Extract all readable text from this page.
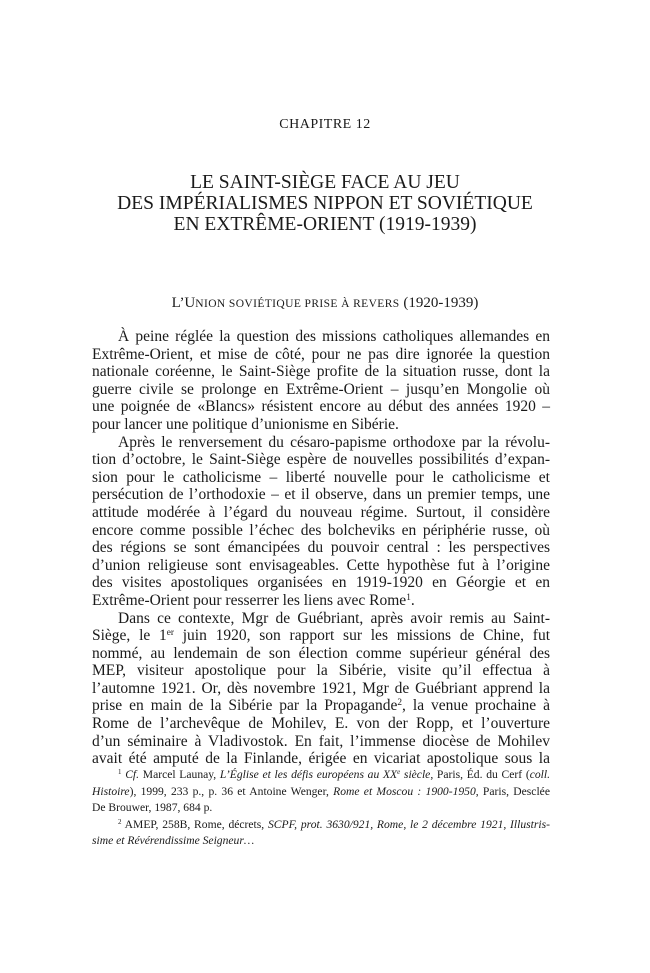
CHAPITRE 12
LE SAINT-SIÈGE FACE AU JEU
DES IMPÉRIALISMES NIPPON ET SOVIÉTIQUE
EN EXTRÊME-ORIENT (1919-1939)
L’UNION SOVIÉTIQUE PRISE À REVERS (1920-1939)
À peine réglée la question des missions catholiques allemandes en
Extrême-Orient, et mise de côté, pour ne pas dire ignorée la question
nationale coréenne, le Saint-Siège profite de la situation russe, dont la
guerre civile se prolonge en Extrême-Orient – jusqu’en Mongolie où
une poignée de «Blancs» résistent encore au début des années 1920 –
pour lancer une politique d’unionisme en Sibérie.
Après le renversement du césaro-papisme orthodoxe par la révolu-
tion d’octobre, le Saint-Siège espère de nouvelles possibilités d’expan-
sion pour le catholicisme – liberté nouvelle pour le catholicisme et
persécution de l’orthodoxie – et il observe, dans un premier temps, une
attitude modérée à l’égard du nouveau régime. Surtout, il considère
encore comme possible l’échec des bolcheviks en périphérie russe, où
des régions se sont émancipées du pouvoir central : les perspectives
d’union religieuse sont envisageables. Cette hypothèse fut à l’origine
des visites apostoliques organisées en 1919-1920 en Géorgie et en
Extrême-Orient pour resserrer les liens avec Rome$^1$.
Dans ce contexte, Mgr de Guébriant, après avoir remis au Saint-
Siège, le 1er juin 1920, son rapport sur les missions de Chine, fut
nommé, au lendemain de son élection comme supérieur général des
MEP, visiteur apostolique pour la Sibérie, visite qu’il effectua à
l’automne 1921. Or, dès novembre 1921, Mgr de Guébriant apprend la
prise en main de la Sibérie par la Propagande$^2$, la venue prochaine à
Rome de l’archevêque de Mohilev, E. von der Ropp, et l’ouverture
d’un séminaire à Vladivostok. En fait, l’immense diocèse de Mohilev
avait été amputé de la Finlande, érigée en vicariat apostolique sous la
$^1$ Cf. Marcel Launay, L’Église et les défis européens au XXe siècle, Paris, Éd. du Cerf (coll.
Histoire), 1999, 233 p., p. 36 et Antoine Wenger, Rome et Moscou : 1900-1950, Paris, Desclée
De Brouwer, 1987, 684 p.
$^2$ AMEP, 258B, Rome, décrets, SCPF, prot. 3630/921, Rome, le 2 décembre 1921, Illustris-
sime et Révérendissime Seigneur…
